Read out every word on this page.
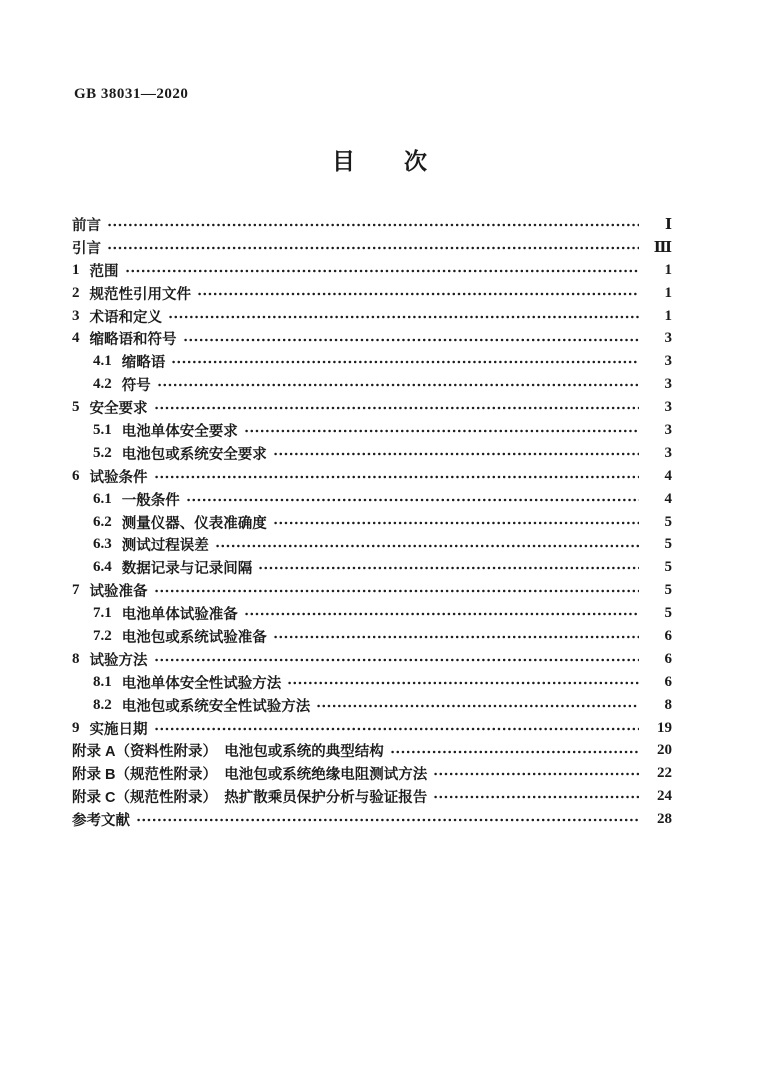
GB 38031—2020
目　　次
前言	Ⅰ
引言	Ⅲ
1 范围	1
2 规范性引用文件	1
3 术语和定义	1
4 缩略语和符号	3
4.1 缩略语	3
4.2 符号	3
5 安全要求	3
5.1 电池单体安全要求	3
5.2 电池包或系统安全要求	3
6 试验条件	4
6.1 一般条件	4
6.2 测量仪器、仪表准确度	5
6.3 测试过程误差	5
6.4 数据记录与记录间隔	5
7 试验准备	5
7.1 电池单体试验准备	5
7.2 电池包或系统试验准备	6
8 试验方法	6
8.1 电池单体安全性试验方法	6
8.2 电池包或系统安全性试验方法	8
9 实施日期	19
附录 A（资料性附录）　电池包或系统的典型结构	20
附录 B（规范性附录）　电池包或系统绝缘电阻测试方法	22
附录 C（规范性附录）　热扩散乘员保护分析与验证报告	24
参考文献	28
